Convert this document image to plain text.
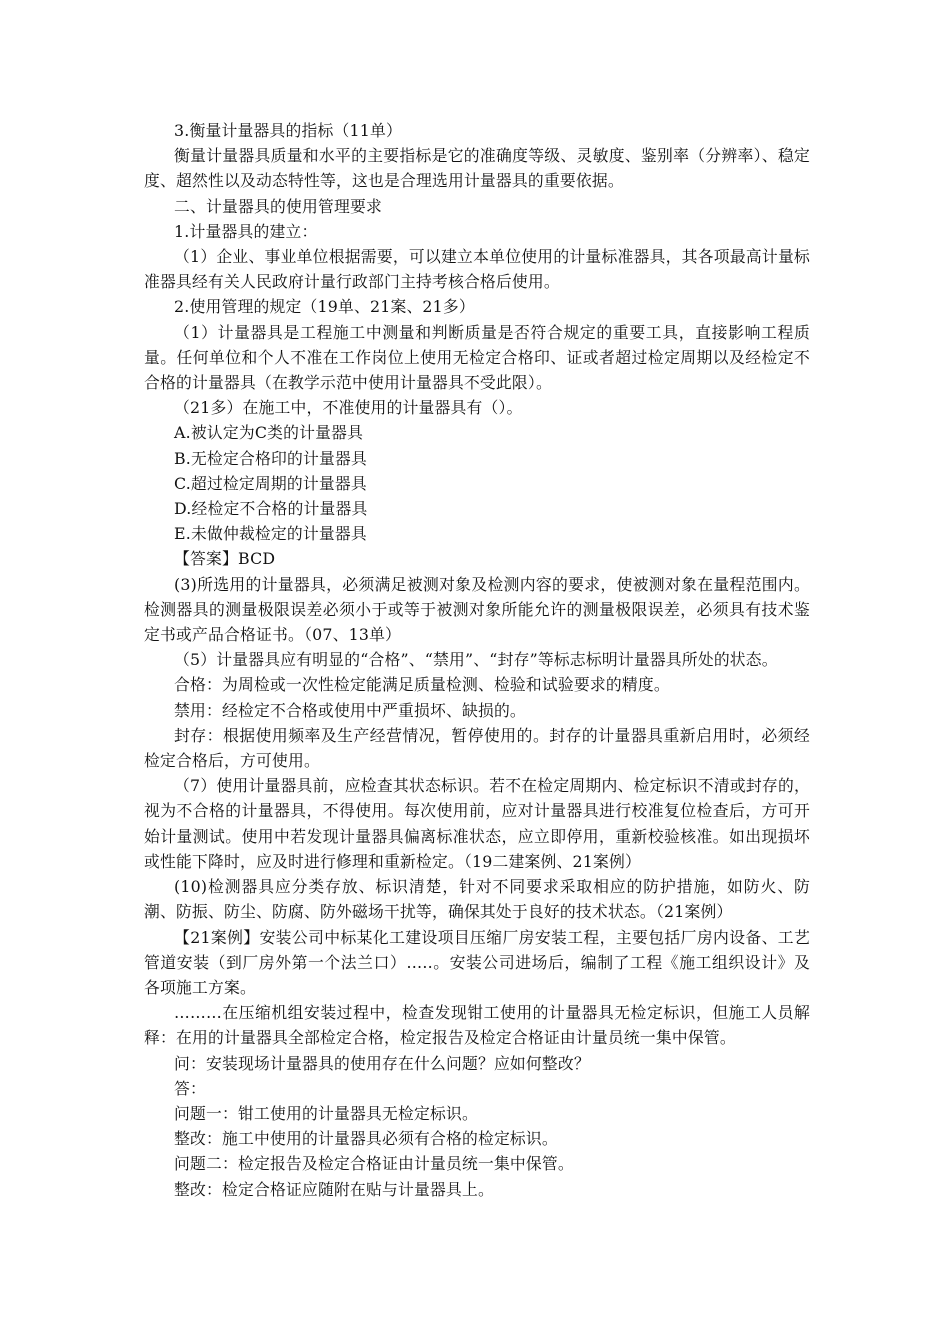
3.衡量计量器具的指标（11单）

衡量计量器具质量和水平的主要指标是它的准确度等级、灵敏度、鉴别率（分辨率）、稳定度、超然性以及动态特性等，这也是合理选用计量器具的重要依据。

二、计量器具的使用管理要求

1.计量器具的建立：

（1）企业、事业单位根据需要，可以建立本单位使用的计量标准器具，其各项最高计量标准器具经有关人民政府计量行政部门主持考核合格后使用。

2.使用管理的规定（19单、21案、21多）

（1）计量器具是工程施工中测量和判断质量是否符合规定的重要工具，直接影响工程质量。任何单位和个人不准在工作岗位上使用无检定合格印、证或者超过检定周期以及经检定不合格的计量器具（在教学示范中使用计量器具不受此限）。

（21多）在施工中，不准使用的计量器具有（）。

A.被认定为C类的计量器具

B.无检定合格印的计量器具

C.超过检定周期的计量器具

D.经检定不合格的计量器具

E.未做仲裁检定的计量器具

【答案】BCD

(3)所选用的计量器具，必须满足被测对象及检测内容的要求，使被测对象在量程范围内。检测器具的测量极限误差必须小于或等于被测对象所能允许的测量极限误差，必须具有技术鉴定书或产品合格证书。（07、13单）

（5）计量器具应有明显的“合格”、“禁用”、“封存”等标志标明计量器具所处的状态。

合格：为周检或一次性检定能满足质量检测、检验和试验要求的精度。

禁用：经检定不合格或使用中严重损坏、缺损的。

封存：根据使用频率及生产经营情况，暂停使用的。封存的计量器具重新启用时，必须经检定合格后，方可使用。

（7）使用计量器具前，应检查其状态标识。若不在检定周期内、检定标识不清或封存的，视为不合格的计量器具，不得使用。每次使用前，应对计量器具进行校准复位检查后，方可开始计量测试。使用中若发现计量器具偏离标准状态，应立即停用，重新校验核准。如出现损坏或性能下降时，应及时进行修理和重新检定。（19二建案例、21案例）

(10)检测器具应分类存放、标识清楚，针对不同要求采取相应的防护措施，如防火、防潮、防振、防尘、防腐、防外磁场干扰等，确保其处于良好的技术状态。（21案例）

【21案例】安装公司中标某化工建设项目压缩厂房安装工程，主要包括厂房内设备、工艺管道安装（到厂房外第一个法兰口）…..。安装公司进场后，编制了工程《施工组织设计》及各项施工方案。

………在压缩机组安装过程中，检查发现钳工使用的计量器具无检定标识，但施工人员解释：在用的计量器具全部检定合格，检定报告及检定合格证由计量员统一集中保管。

问：安装现场计量器具的使用存在什么问题？应如何整改？

答：

问题一：钳工使用的计量器具无检定标识。

整改：施工中使用的计量器具必须有合格的检定标识。

问题二：检定报告及检定合格证由计量员统一集中保管。

整改：检定合格证应随附在贴与计量器具上。
